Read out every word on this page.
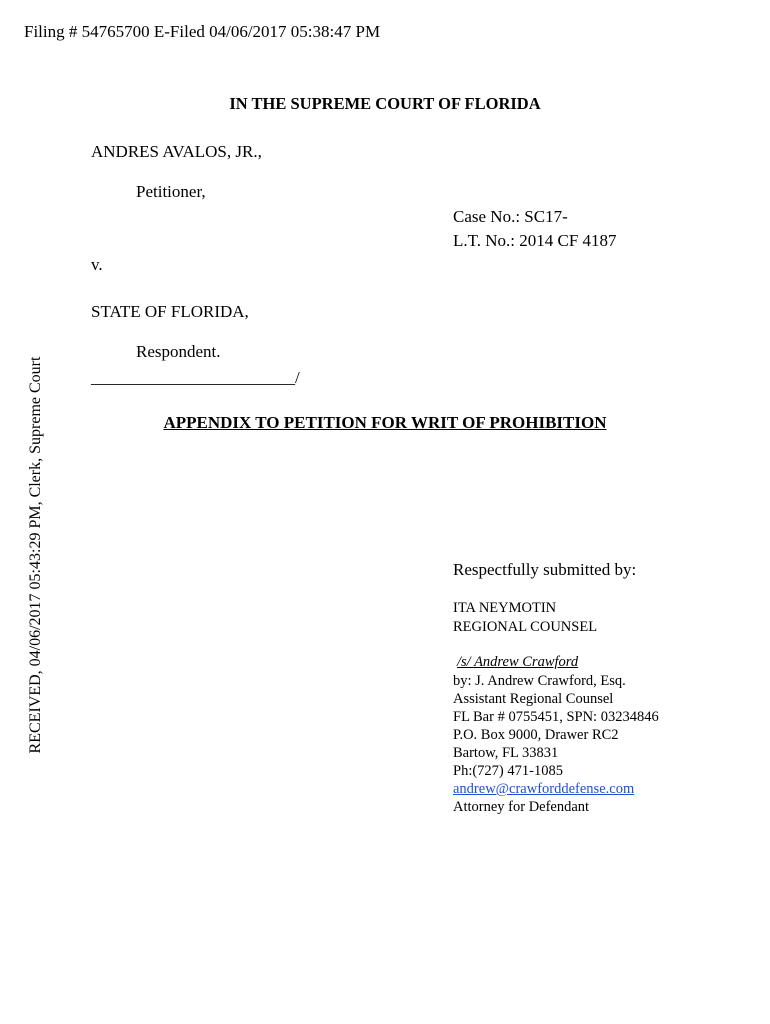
Filing # 54765700 E-Filed 04/06/2017 05:38:47 PM
RECEIVED, 04/06/2017 05:43:29 PM, Clerk, Supreme Court
IN THE SUPREME COURT OF FLORIDA
ANDRES AVALOS, JR.,
Petitioner,
Case No.: SC17-
L.T. No.: 2014 CF 4187
v.
STATE OF FLORIDA,
Respondent.
________________________/
APPENDIX TO PETITION FOR WRIT OF PROHIBITION
Respectfully submitted by:
ITA NEYMOTIN
REGIONAL COUNSEL
/s/ Andrew Crawford
by: J. Andrew Crawford, Esq.
Assistant Regional Counsel
FL Bar # 0755451, SPN: 03234846
P.O. Box 9000, Drawer RC2
Bartow, FL 33831
Ph:(727) 471-1085
andrew@crawforddefense.com
Attorney for Defendant
